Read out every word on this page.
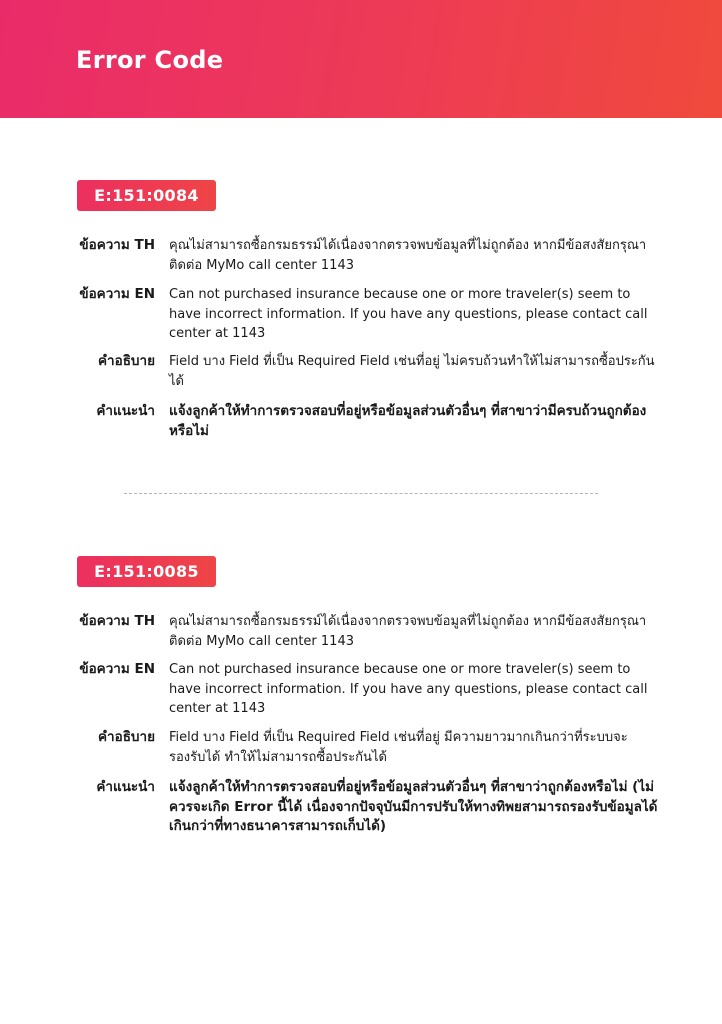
Error Code
E:151:0084
ข้อความ TH คุณไม่สามารถซื้อกรมธรรม์ได้เนื่องจากตรวจพบข้อมูลที่ไม่ถูกต้อง หากมีข้อสงสัยกรุณาติดต่อ MyMo call center 1143
ข้อความ EN Can not purchased insurance because one or more traveler(s) seem to have incorrect information. If you have any questions, please contact call center at 1143
คำอธิบาย Field บาง Field ที่เป็น Required Field เช่นที่อยู่ ไม่ครบถ้วนทำให้ไม่สามารถซื้อประกันได้
คำแนะนำ แจ้งลูกค้าให้ทำการตรวจสอบที่อยู่หรือข้อมูลส่วนตัวอื่นๆ ที่สาขาว่ามีครบถ้วนถูกต้องหรือไม่
E:151:0085
ข้อความ TH คุณไม่สามารถซื้อกรมธรรม์ได้เนื่องจากตรวจพบข้อมูลที่ไม่ถูกต้อง หากมีข้อสงสัยกรุณาติดต่อ MyMo call center 1143
ข้อความ EN Can not purchased insurance because one or more traveler(s) seem to have incorrect information. If you have any questions, please contact call center at 1143
คำอธิบาย Field บาง Field ที่เป็น Required Field เช่นที่อยู่ มีความยาวมากเกินกว่าที่ระบบจะรองรับได้ ทำให้ไม่สามารถซื้อประกันได้
คำแนะนำ แจ้งลูกค้าให้ทำการตรวจสอบที่อยู่หรือข้อมูลส่วนตัวอื่นๆ ที่สาขาว่าถูกต้องหรือไม่ (ไม่ควรจะเกิด Error นี้ได้ เนื่องจากปัจจุบันมีการปรับให้ทางทิพยสามารถรองรับข้อมูลได้เกินกว่าที่ทางธนาคารสามารถเก็บได้)
